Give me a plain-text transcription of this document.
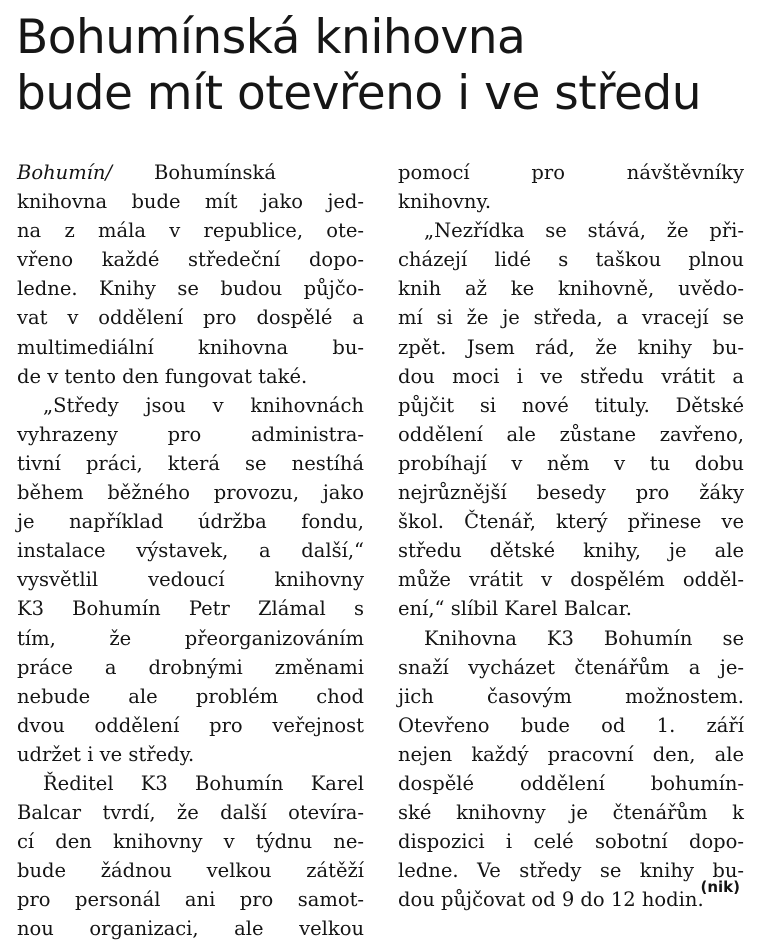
Bohumínská knihovna
bude mít otevřeno i ve středu
Bohumín/ Bohumínská
knihovna bude mít jako jed-
na z mála v republice, ote-
vřeno každé středeční dopo-
ledne. Knihy se budou půjčo-
vat v oddělení pro dospělé a
multimediální knihovna bu-
de v tento den fungovat také.
„Středy jsou v knihovnách
vyhrazeny pro administra-
tivní práci, která se nestíhá
během běžného provozu, jako
je například údržba fondu,
instalace výstavek, a další,“
vysvětlil vedoucí knihovny
K3 Bohumín Petr Zlámal s
tím, že přeorganizováním
práce a drobnými změnami
nebude ale problém chod
dvou oddělení pro veřejnost
udržet i ve středy.
Ředitel K3 Bohumín Karel
Balcar tvrdí, že další otevíra-
cí den knihovny v týdnu ne-
bude žádnou velkou zátěží
pro personál ani pro samot-
nou organizaci, ale velkou
pomocí pro návštěvníky
knihovny.
„Nezřídka se stává, že při-
cházejí lidé s taškou plnou
knih až ke knihovně, uvědo-
mí si že je středa, a vracejí se
zpět. Jsem rád, že knihy bu-
dou moci i ve středu vrátit a
půjčit si nové tituly. Dětské
oddělení ale zůstane zavřeno,
probíhají v něm v tu dobu
nejrůznější besedy pro žáky
škol. Čtenář, který přinese ve
středu dětské knihy, je ale
může vrátit v dospělém odděl-
ení,“ slíbil Karel Balcar.
Knihovna K3 Bohumín se
snaží vycházet čtenářům a je-
jich časovým možnostem.
Otevřeno bude od 1. září
nejen každý pracovní den, ale
dospělé oddělení bohumín-
ské knihovny je čtenářům k
dispozici i celé sobotní dopo-
ledne. Ve středy se knihy bu-
dou půjčovat od 9 do 12 hodin.
(nik)
